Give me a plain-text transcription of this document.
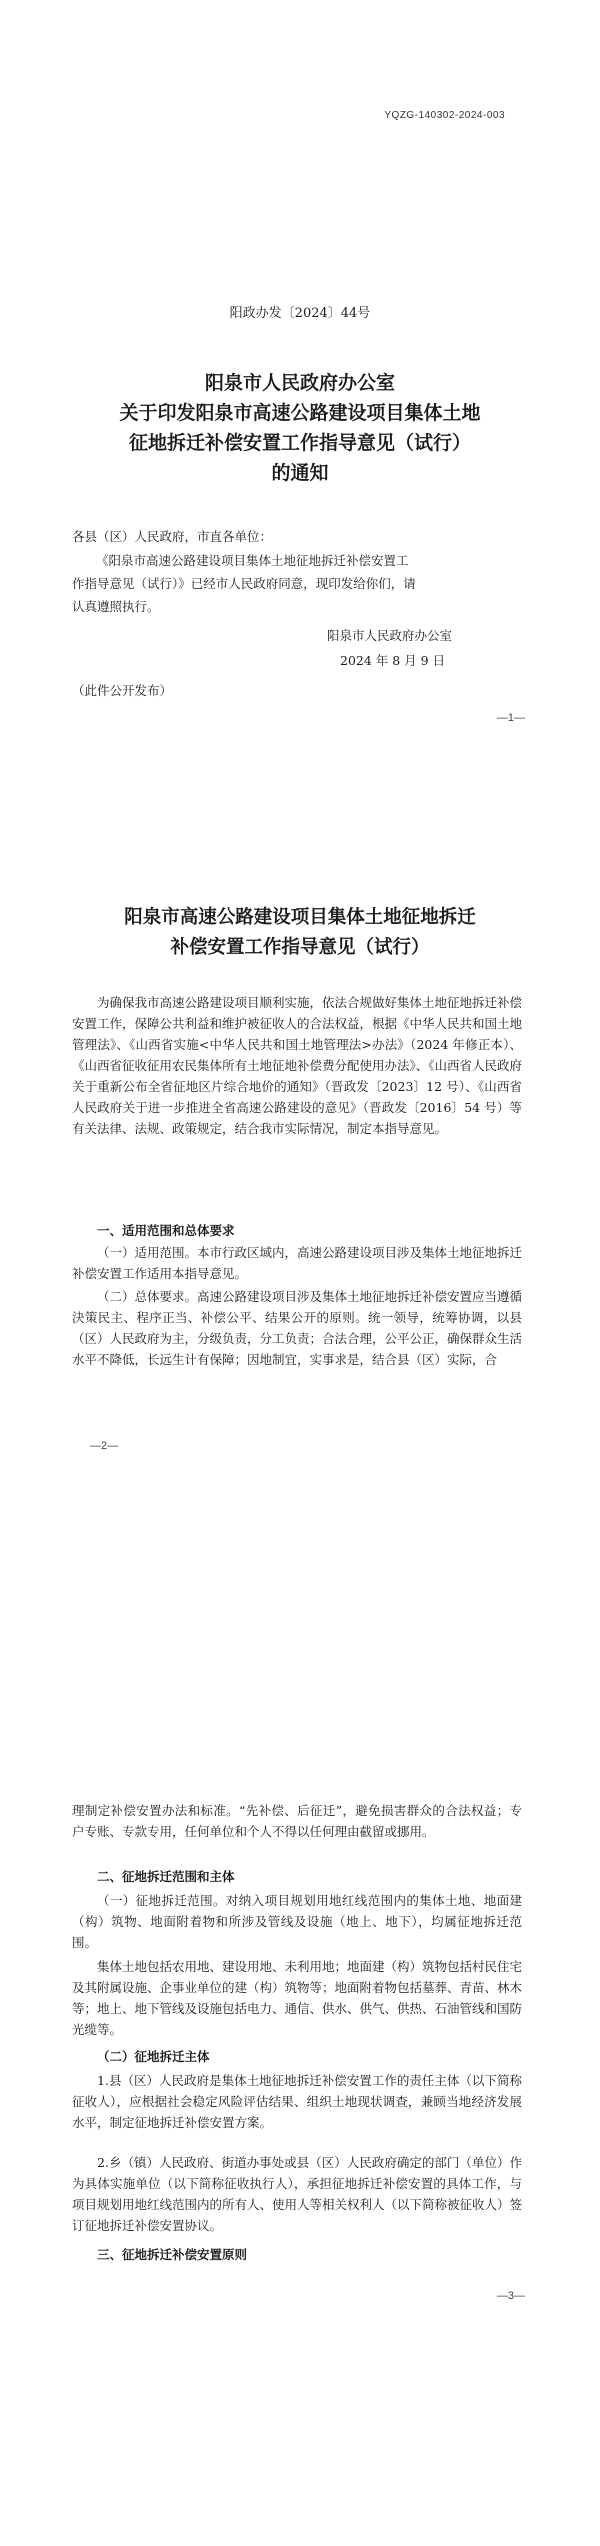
YQZG-140302-2024-003
阳政办发〔2024〕44号
阳泉市人民政府办公室
关于印发阳泉市高速公路建设项目集体土地
征地拆迁补偿安置工作指导意见（试行）
的通知
各县（区）人民政府，市直各单位：
《阳泉市高速公路建设项目集体土地征地拆迁补偿安置工
作指导意见（试行）》已经市人民政府同意，现印发给你们，请
认真遵照执行。
阳泉市人民政府办公室
2024 年 8 月 9 日
（此件公开发布）
—1—
阳泉市高速公路建设项目集体土地征地拆迁
补偿安置工作指导意见（试行）
为确保我市高速公路建设项目顺利实施，依法合规做好集体土地征地拆迁补偿安置工作，保障公共利益和维护被征收人的合法权益，根据《中华人民共和国土地管理法》、《山西省实施<中华人民共和国土地管理法>办法》（2024 年修正本）、《山西省征收征用农民集体所有土地征地补偿费分配使用办法》、《山西省人民政府关于重新公布全省征地区片综合地价的通知》（晋政发〔2023〕12 号）、《山西省人民政府关于进一步推进全省高速公路建设的意见》（晋政发〔2016〕54 号）等有关法律、法规、政策规定，结合我市实际情况，制定本指导意见。
一、适用范围和总体要求
（一）适用范围。本市行政区域内，高速公路建设项目涉及集体土地征地拆迁补偿安置工作适用本指导意见。
（二）总体要求。高速公路建设项目涉及集体土地征地拆迁补偿安置应当遵循決策民主、程序正当、补偿公平、结果公开的原则。统一领导，统筹协调，以县（区）人民政府为主，分级负责，分工负责；合法合理，公平公正，确保群众生活水平不降低，长远生计有保障；因地制宜，实事求是，结合县（区）实际，合
—2—
理制定补偿安置办法和标准。“先补偿、后征迁”，避免损害群众的合法权益；专户专账、专款专用，任何单位和个人不得以任何理由截留或挪用。
二、征地拆迁范围和主体
（一）征地拆迁范围。对纳入项目规划用地红线范围内的集体土地、地面建（构）筑物、地面附着物和所涉及管线及设施（地上、地下），均属征地拆迁范围。
集体土地包括农用地、建设用地、未利用地；地面建（构）筑物包括村民住宅及其附属设施、企事业单位的建（构）筑物等；地面附着物包括墓葬、青苗、林木等；地上、地下管线及设施包括电力、通信、供水、供气、供热、石油管线和国防光缆等。
（二）征地拆迁主体
1.县（区）人民政府是集体土地征地拆迁补偿安置工作的责任主体（以下简称征收人），应根据社会稳定风险评估结果、组织土地现状调查，兼顾当地经济发展水平，制定征地拆迁补偿安置方案。
2.乡（镇）人民政府、街道办事处或县（区）人民政府确定的部门（单位）作为具体实施单位（以下简称征收执行人），承担征地拆迁补偿安置的具体工作，与项目规划用地红线范围内的所有人、使用人等相关权利人（以下简称被征收人）签订征地拆迁补偿安置协议。
三、征地拆迁补偿安置原则
—3—
